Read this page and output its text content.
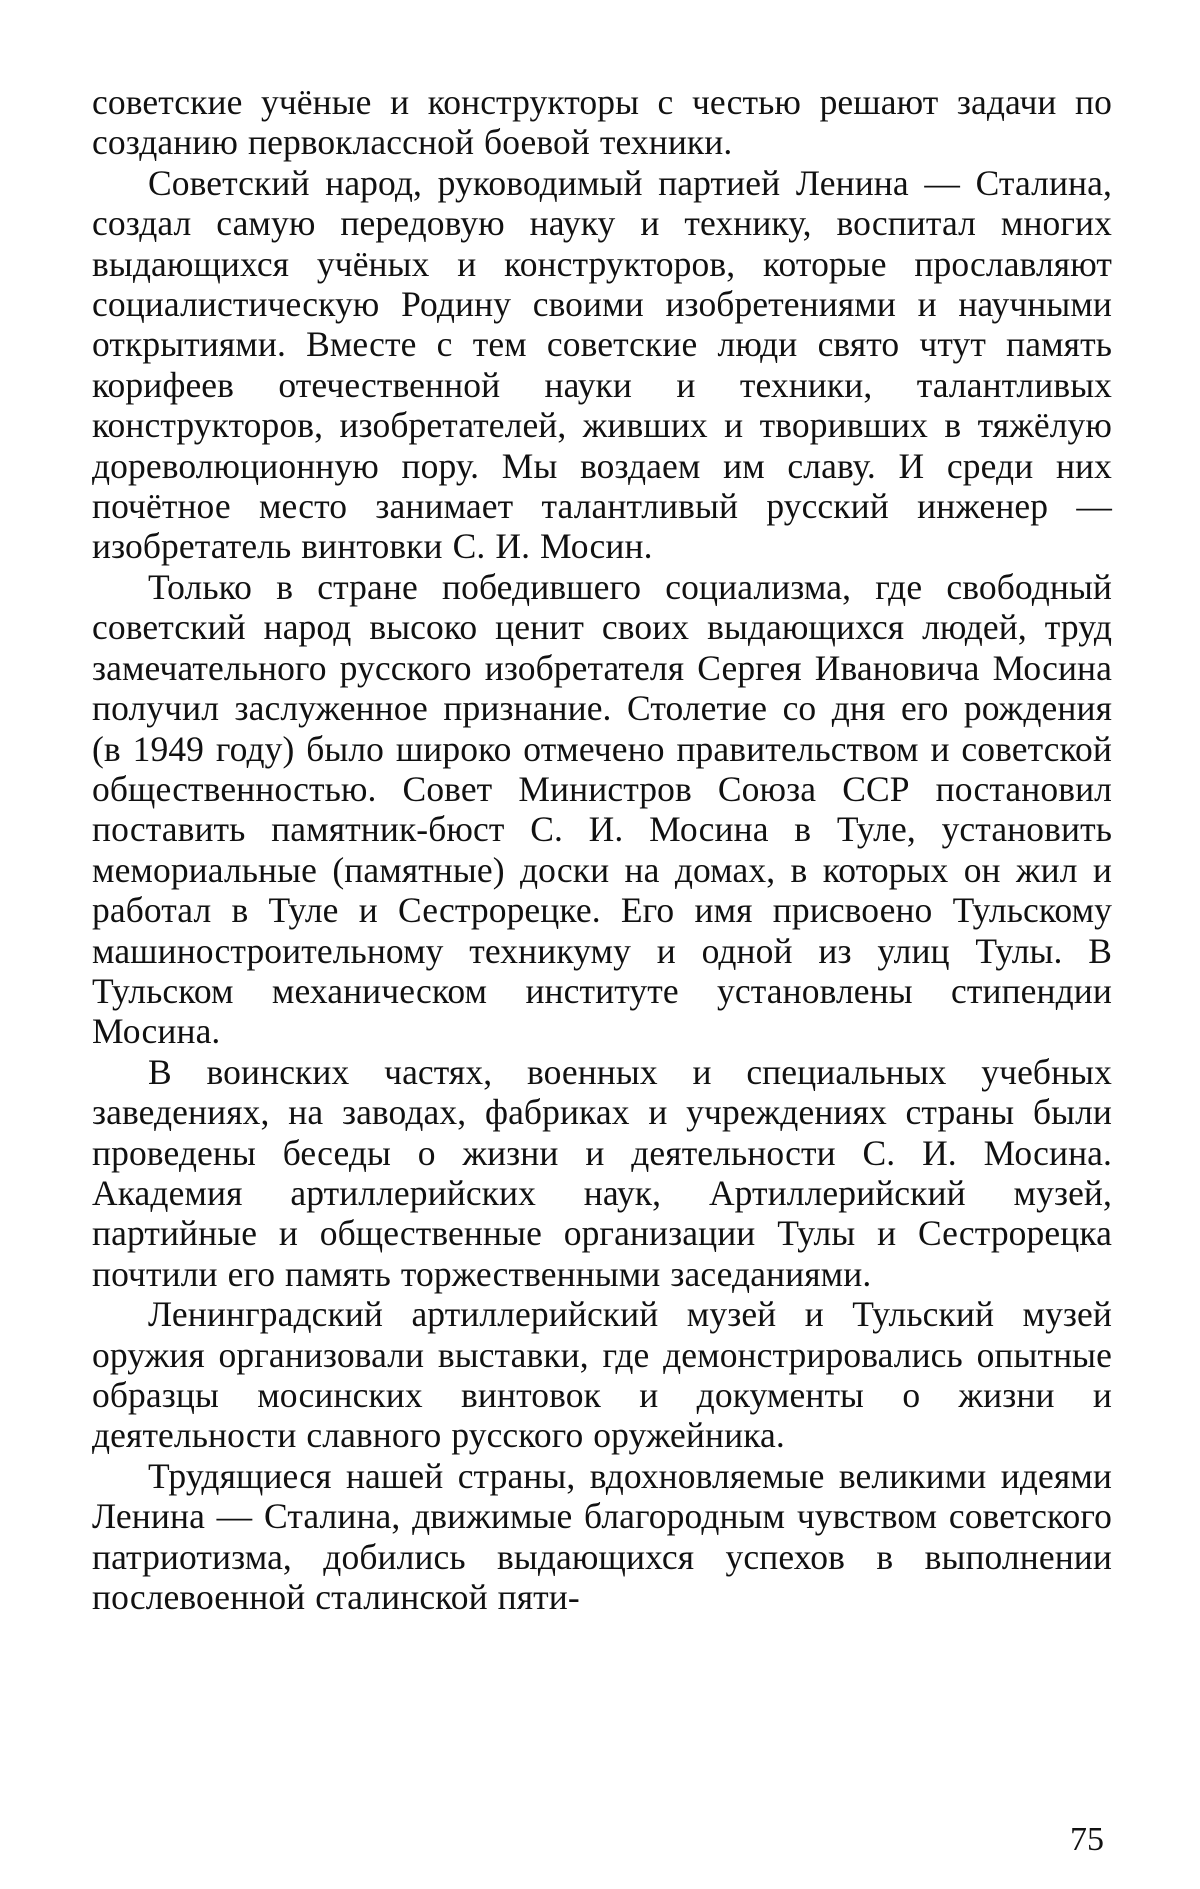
советские учёные и конструкторы с честью решают задачи по созданию первоклассной боевой техники.

Советский народ, руководимый партией Ленина — Сталина, создал самую передовую науку и технику, воспитал многих выдающихся учёных и конструкторов, которые прославляют социалистическую Родину своими изобретениями и научными открытиями. Вместе с тем советские люди свято чтут память корифеев отечественной науки и техники, талантливых конструкторов, изобретателей, живших и творивших в тяжёлую дореволюционную пору. Мы воздаем им славу. И среди них почётное место занимает талантливый русский инженер — изобретатель винтовки С. И. Мосин.

Только в стране победившего социализма, где свободный советский народ высоко ценит своих выдающихся людей, труд замечательного русского изобретателя Сергея Ивановича Мосина получил заслуженное признание. Столетие со дня его рождения (в 1949 году) было широко отмечено правительством и советской общественностью. Совет Министров Союза ССР постановил поставить памятник-бюст С. И. Мосина в Туле, установить мемориальные (памятные) доски на домах, в которых он жил и работал в Туле и Сестрорецке. Его имя присвоено Тульскому машиностроительному техникуму и одной из улиц Тулы. В Тульском механическом институте установлены стипендии Мосина.

В воинских частях, военных и специальных учебных заведениях, на заводах, фабриках и учреждениях страны были проведены беседы о жизни и деятельности С. И. Мосина. Академия артиллерийских наук, Артиллерийский музей, партийные и общественные организации Тулы и Сестрорецка почтили его память торжественными заседаниями.

Ленинградский артиллерийский музей и Тульский музей оружия организовали выставки, где демонстрировались опытные образцы мосинских винтовок и документы о жизни и деятельности славного русского оружейника.

Трудящиеся нашей страны, вдохновляемые великими идеями Ленина — Сталина, движимые благородным чувством советского патриотизма, добились выдающихся успехов в выполнении послевоенной сталинской пяти-

75
